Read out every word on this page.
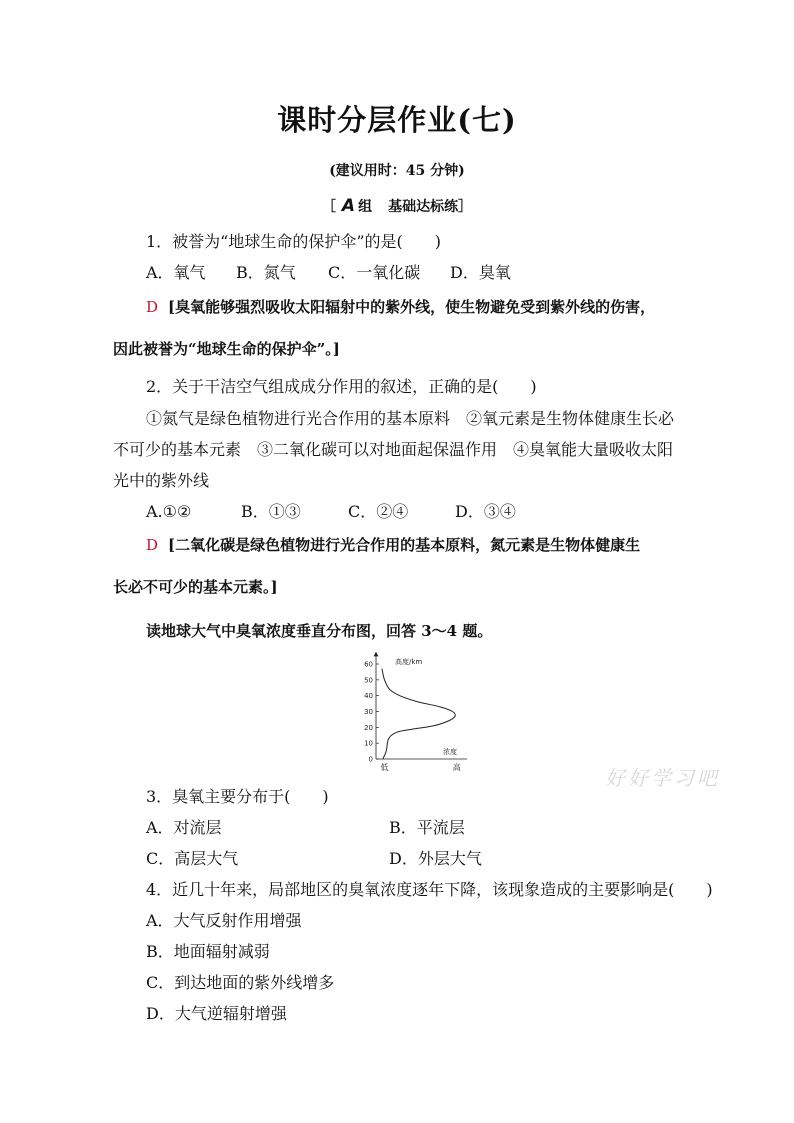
课时分层作业(七)
(建议用时：45 分钟)
［ A 组 基础达标练］
1．被誉为“地球生命的保护伞”的是(　　)
A．氧气 B．氮气 C．一氧化碳 D．臭氧
D [臭氧能够强烈吸收太阳辐射中的紫外线，使生物避免受到紫外线的伤害，
因此被誉为“地球生命的保护伞”。]
2．关于干洁空气组成成分作用的叙述，正确的是(　　)
①氮气是绿色植物进行光合作用的基本原料　②氧元素是生物体健康生长必
不可少的基本元素　③二氧化碳可以对地面起保温作用　④臭氧能大量吸收太阳
光中的紫外线
A.①②	B．①③	C．②④	D．③④
D [二氧化碳是绿色植物进行光合作用的基本原料，氮元素是生物体健康生
长必不可少的基本元素。]
读地球大气中臭氧浓度垂直分布图，回答 3～4 题。
0
10
20
30
40
50
60
低	高
高度/km
浓度
好好学习吧
3．臭氧主要分布于(　　)
A．对流层	B．平流层
C．高层大气	D．外层大气
4．近几十年来，局部地区的臭氧浓度逐年下降，该现象造成的主要影响是(　　)
A．大气反射作用增强
B．地面辐射减弱
C．到达地面的紫外线增多
D．大气逆辐射增强
